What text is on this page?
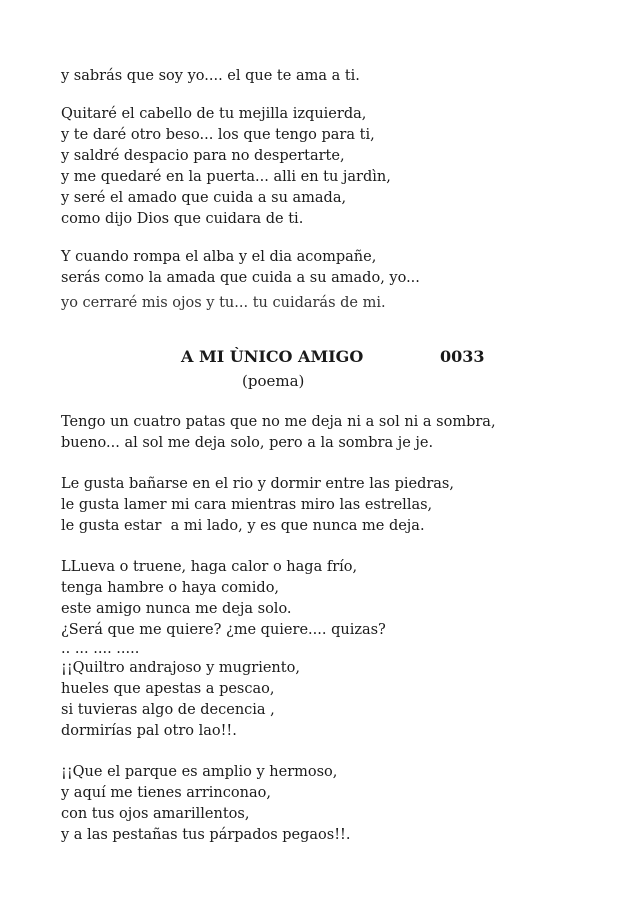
y sabrás que soy yo.... el que te ama a ti.
Quitaré el cabello de tu mejilla izquierda,
y te daré otro beso... los que tengo para ti,
y saldré despacio para no despertarte,
y me quedaré en la puerta... alli en tu jardìn,
y seré el amado que cuida a su amada,
como dijo Dios que cuidara de ti.
Y cuando rompa el alba y el dia acompañe,
serás como la amada que cuida a su amado, yo...
yo cerraré mis ojos y tu... tu cuidarás de mi.
A MI ÙNICO AMIGO	0033
(poema)
Tengo un cuatro patas que no me deja ni a sol ni a sombra,
bueno... al sol me deja solo, pero a la sombra je je.
Le gusta bañarse en el rio y dormir entre las piedras,
le gusta lamer mi cara mientras miro las estrellas,
le gusta estar  a mi lado, y es que nunca me deja.
LLueva o truene, haga calor o haga frío,
tenga hambre o haya comido,
este amigo nunca me deja solo.
¿Será que me quiere? ¿me quiere.... quizas?
.. ... .... .....
¡¡Quiltro andrajoso y mugriento,
hueles que apestas a pescao,
si tuvieras algo de decencia ,
dormirías pal otro lao!!.
¡¡Que el parque es amplio y hermoso,
y aquí me tienes arrinconao,
con tus ojos amarillentos,
y a las pestañas tus párpados pegaos!!.
